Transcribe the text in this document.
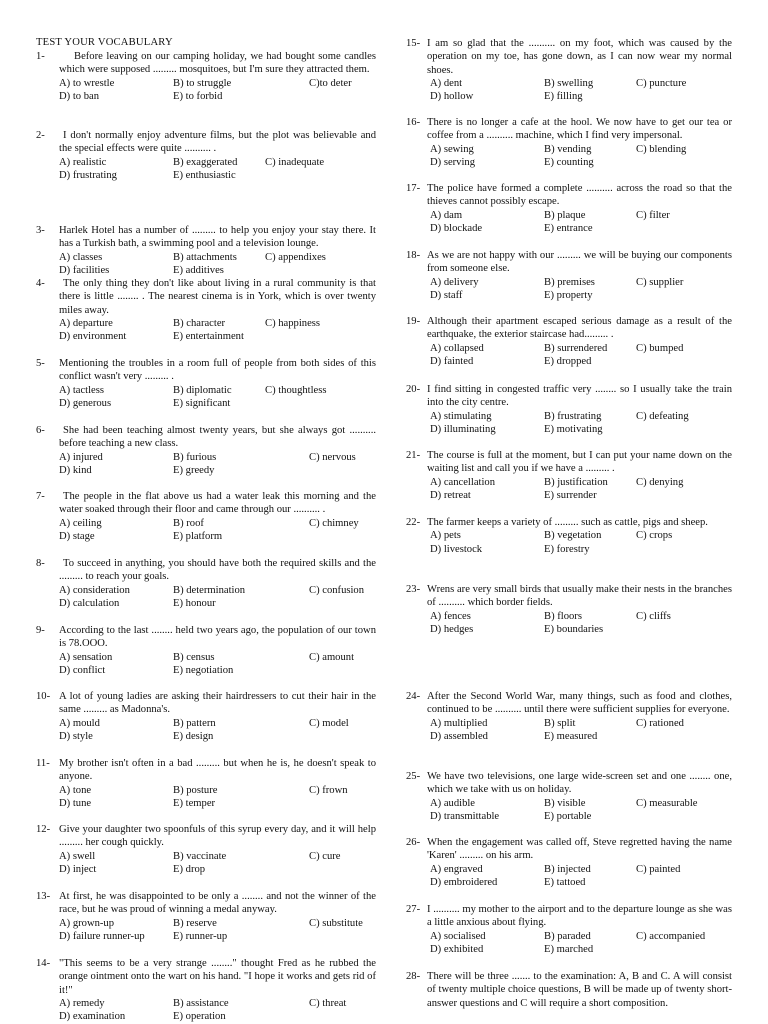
TEST YOUR VOCABULARY
1-	Before leaving on our camping holiday, we had bought some candles which were supposed ......... mosquitoes, but I'm sure they attracted them.
A) to wrestle	B) to struggle	C)to deter
D) to ban	E) to forbid
2-	I don't normally enjoy adventure films, but the plot was believable and the special effects were quite .......... .
A) realistic	B) exaggerated	C) inadequate
D) frustrating	E) enthusiastic
3-	Harlek Hotel has a number of ......... to help you enjoy your stay there. It has a Turkish bath, a swimming pool and a television lounge.
A) classes	B) attachments	C) appendixes
D) facilities	E) additives
4-	The only thing they don't like about living in a rural community is that there is little ........ . The nearest cinema is in York, which is over twenty miles away.
A) departure	B) character	C) happiness
D) environment	E) entertainment
5-	Mentioning the troubles in a room full of people from both sides of this conflict wasn't very ......... .
A) tactless	B) diplomatic	C) thoughtless
D) generous	E) significant
6-	She had been teaching almost twenty years, but she always got .......... before teaching a new class.
A) injured	B) furious	C) nervous
D) kind	E) greedy
7-	The people in the flat above us had a water leak this morning and the water soaked through their floor and came through our .......... .
A) ceiling	B) roof	C) chimney
D) stage	E) platform
8-	To succeed in anything, you should have both the required skills and the ......... to reach your goals.
A) consideration	B) determination	C) confusion
D) calculation	E) honour
9-	According to the last ........ held two years ago, the population of our town is 78.OOO.
A) sensation	B) census	C) amount
D) conflict	E) negotiation
10- A lot of young ladies are asking their hairdressers to cut their hair in the same ......... as Madonna's.
A) mould	B) pattern	C) model
D) style	E) design
11- My brother isn't often in a bad ......... but when he is, he doesn't speak to anyone.
A) tone	B) posture	C) frown
D) tune	E) temper
12- Give your daughter two spoonfuls of this syrup every day, and it will help ......... her cough quickly.
A) swell	B) vaccinate	C) cure
D) inject	E) drop
13- At first, he was disappointed to be only a ........ and not the winner of the race, but he was proud of winning a medal anyway.
A) grown-up	B) reserve	C) substitute
D) failure runner-up	E) runner-up
14- "This seems to be a very strange ........" thought Fred as he rubbed the orange ointment onto the wart on his hand. "I hope it works and gets rid of it!"
A) remedy	B) assistance	C) threat
D) examination	E) operation
15- I am so glad that the .......... on my foot, which was caused by the operation on my toe, has gone down, as I can now wear my normal shoes.
A) dent	B) swelling	C) puncture
D) hollow	E) filling
16- There is no longer a cafe at the hool. We now have to get our tea or coffee from a .......... machine, which I find very impersonal.
A) sewing	B) vending	C) blending
D) serving	E) counting
17- The police have formed a complete .......... across the road so that the thieves cannot possibly escape.
A) dam	B) plaque	C) filter
D) blockade	E) entrance
18- As we are not happy with our ......... we will be buying our components from someone else.
A) delivery	B) premises	C) supplier
D) staff	E) property
19- Although their apartment escaped serious damage as a result of the earthquake, the exterior staircase had......... .
A) collapsed	B) surrendered	C) bumped
D) fainted	E) dropped
20- I find sitting in congested traffic very ........ so I usually take the train into the city centre.
A) stimulating	B) frustrating	C) defeating
D) illuminating	E) motivating
21- The course is full at the moment, but I can put your name down on the waiting list and call you if we have a ......... .
A) cancellation	B) justification	C) denying
D) retreat	E) surrender
22- The farmer keeps a variety of ......... such as cattle, pigs and sheep.
A) pets	B) vegetation	C) crops
D) livestock	E) forestry
23- Wrens are very small birds that usually make their nests in the branches of .......... which border fields.
A) fences	B) floors	C) cliffs
D) hedges	E) boundaries
24- After the Second World War, many things, such as food and clothes, continued to be .......... until there were sufficient supplies for everyone.
A) multiplied	B) split	C) rationed
D) assembled	E) measured
25- We have two televisions, one large wide-screen set and one ........ one, which we take with us on holiday.
A) audible	B) visible	C) measurable
D) transmittable	E) portable
26- When the engagement was called off, Steve regretted having the name 'Karen' ......... on his arm.
A) engraved	B) injected	C) painted
D) embroidered	E) tattoed
27- I .......... my mother to the airport and to the departure lounge as she was a little anxious about flying.
A) socialised	B) paraded	C) accompanied
D) exhibited	E) marched
28- There will be three ....... to the examination: A, B and C. A will consist of twenty multiple choice questions, B will be made up of twenty short-answer questions and C will require a short composition.
